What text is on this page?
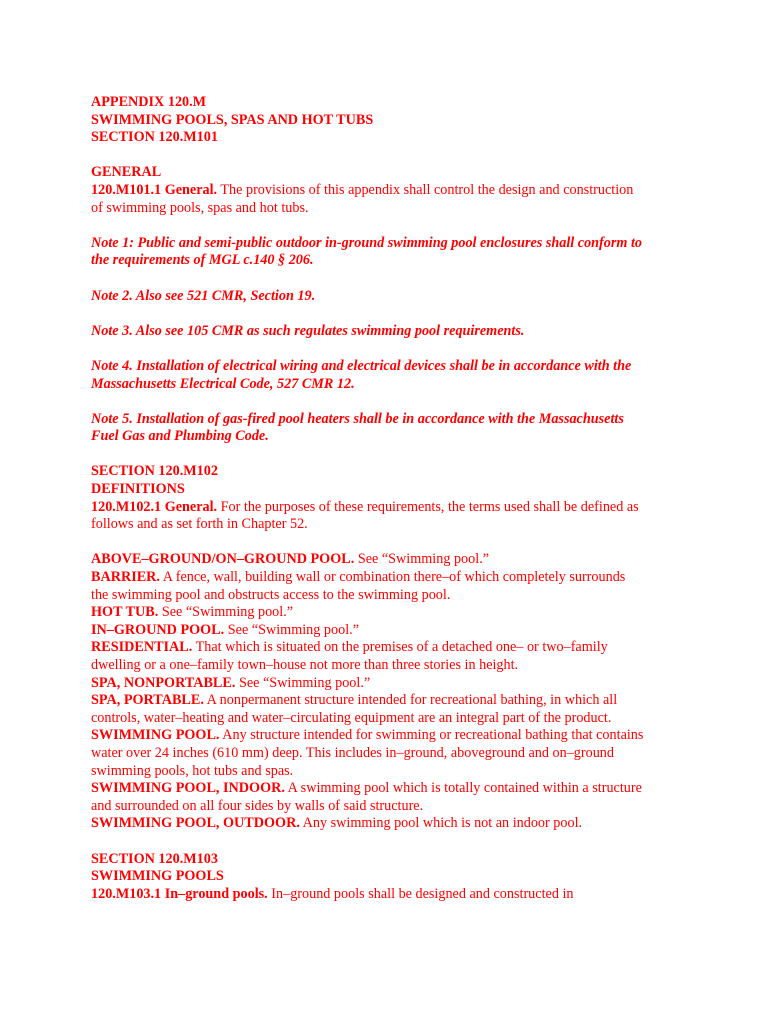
APPENDIX 120.M
SWIMMING POOLS, SPAS AND HOT TUBS
SECTION 120.M101
GENERAL

120.M101.1 General. The provisions of this appendix shall control the design and construction
of swimming pools, spas and hot tubs.

Note 1: Public and semi-public outdoor in-ground swimming pool enclosures shall conform to
the requirements of MGL c.140 § 206.

Note 2. Also see 521 CMR, Section 19.
Note 3. Also see 105 CMR as such regulates swimming pool requirements.

Note 4. Installation of electrical wiring and electrical devices shall be in accordance with the
Massachusetts Electrical Code, 527 CMR 12.

Note 5. Installation of gas-fired pool heaters shall be in accordance with the Massachusetts
Fuel Gas and Plumbing Code.

SECTION 120.M102
DEFINITIONS

120.M102.1 General. For the purposes of these requirements, the terms used shall be defined as
follows and as set forth in Chapter 52.

ABOVE–GROUND/ON–GROUND POOL. See “Swimming pool.”

BARRIER. A fence, wall, building wall or combination there–of which completely surrounds
the swimming pool and obstructs access to the swimming pool.

HOT TUB. See “Swimming pool.”

IN–GROUND POOL. See “Swimming pool.”

RESIDENTIAL. That which is situated on the premises of a detached one– or two–family
dwelling or a one–family town–house not more than three stories in height.

SPA, NONPORTABLE. See “Swimming pool.”

SPA, PORTABLE. A nonpermanent structure intended for recreational bathing, in which all
controls, water–heating and water–circulating equipment are an integral part of the product.

SWIMMING POOL. Any structure intended for swimming or recreational bathing that contains
water over 24 inches (610 mm) deep. This includes in–ground, aboveground and on–ground
swimming pools, hot tubs and spas.

SWIMMING POOL, INDOOR. A swimming pool which is totally contained within a structure
and surrounded on all four sides by walls of said structure.

SWIMMING POOL, OUTDOOR. Any swimming pool which is not an indoor pool.

SECTION 120.M103
SWIMMING POOLS

120.M103.1 In–ground pools. In–ground pools shall be designed and constructed in
